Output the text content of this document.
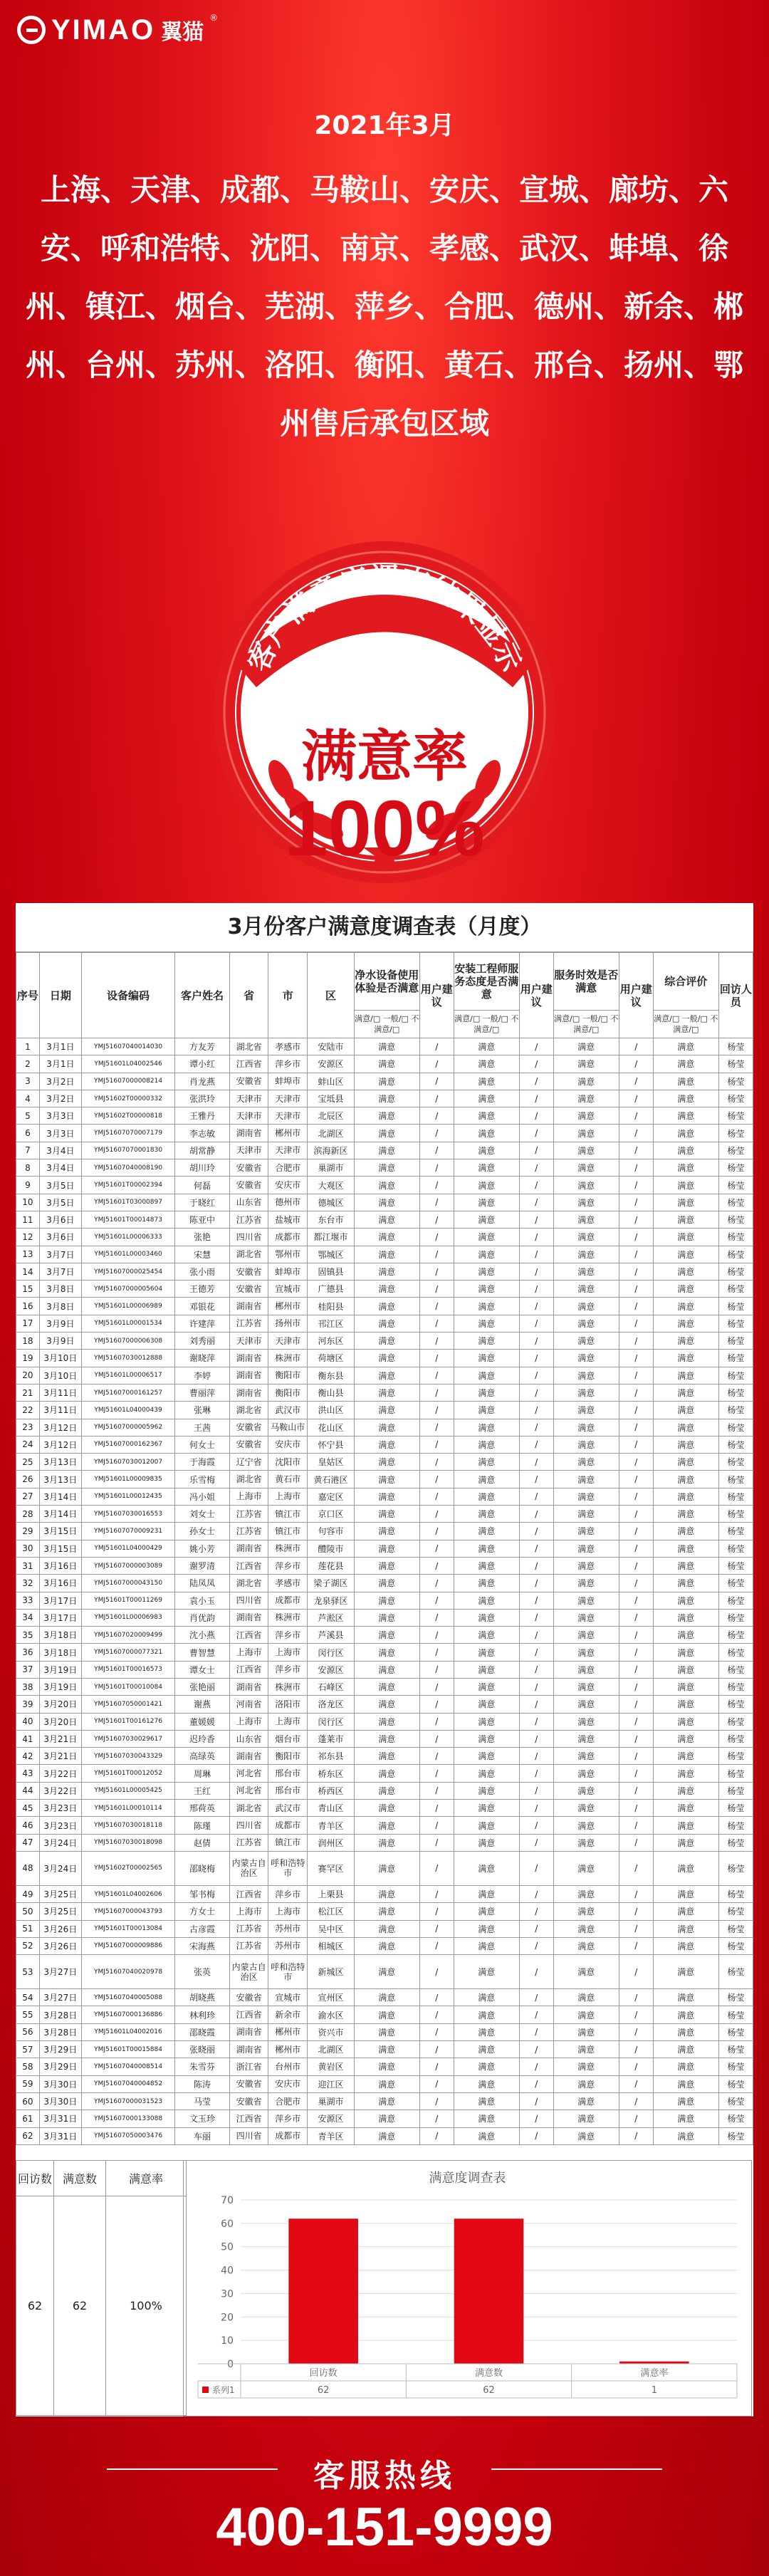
YIMAO 翼猫
®
2021年3月
上海、天津、成都、马鞍山、安庆、宣城、廊坊、六安、呼和浩特、沈阳、南京、孝感、武汉、蚌埠、徐州、镇江、烟台、芜湖、萍乡、合肥、德州、新余、郴州、台州、苏州、洛阳、衡阳、黄石、邢台、扬州、鄂州售后承包区域
客户满意度调查结果显示
满意率
100%
3月份客户满意度调查表（月度）
序号	日期	设备编码	客户姓名	省	市	区	净水设备使用体验是否满意	用户建议	安装工程师服务态度是否满意	用户建议	服务时效是否满意	用户建议	综合评价	回访人员
							满意/□ 一般/□ 不满意/□		满意/□ 一般/□ 不满意/□		满意/□ 一般/□ 不满意/□		满意/□ 一般/□ 不满意/□	
1	3月1日	YMJ51607040014030	方友芳	湖北省	孝感市	安陆市	满意	/	满意	/	满意	/	满意	杨莹
2	3月1日	YMJ51601L04002546	谭小红	江西省	萍乡市	安源区	满意	/	满意	/	满意	/	满意	杨莹
3	3月2日	YMJ51607000008214	肖龙燕	安徽省	蚌埠市	蚌山区	满意	/	满意	/	满意	/	满意	杨莹
4	3月2日	YMJ51602T00000332	张洪玲	天津市	天津市	宝坻县	满意	/	满意	/	满意	/	满意	杨莹
5	3月3日	YMJ51602T00000818	王雅丹	天津市	天津市	北辰区	满意	/	满意	/	满意	/	满意	杨莹
6	3月3日	YMJ51607070007179	李志敏	湖南省	郴州市	北湖区	满意	/	满意	/	满意	/	满意	杨莹
7	3月4日	YMJ51607070001830	胡常静	天津市	天津市	滨海新区	满意	/	满意	/	满意	/	满意	杨莹
8	3月4日	YMJ51607040008190	胡川玲	安徽省	合肥市	巢湖市	满意	/	满意	/	满意	/	满意	杨莹
9	3月5日	YMJ51601T00002394	何磊	安徽省	安庆市	大观区	满意	/	满意	/	满意	/	满意	杨莹
10	3月5日	YMJ51601T03000897	于晓红	山东省	德州市	德城区	满意	/	满意	/	满意	/	满意	杨莹
11	3月6日	YMJ51601T00014873	陈亚中	江苏省	盐城市	东台市	满意	/	满意	/	满意	/	满意	杨莹
12	3月6日	YMJ51601L00006333	张艳	四川省	成都市	都江堰市	满意	/	满意	/	满意	/	满意	杨莹
13	3月7日	YMJ51601L00003460	宋慧	湖北省	鄂州市	鄂城区	满意	/	满意	/	满意	/	满意	杨莹
14	3月7日	YMJ51607000025454	张小雨	安徽省	蚌埠市	固镇县	满意	/	满意	/	满意	/	满意	杨莹
15	3月8日	YMJ51607000005604	王德芳	安徽省	宣城市	广德县	满意	/	满意	/	满意	/	满意	杨莹
16	3月8日	YMJ51601L00006989	邓银花	湖南省	郴州市	桂阳县	满意	/	满意	/	满意	/	满意	杨莹
17	3月9日	YMJ51601L00001534	许建萍	江苏省	扬州市	邗江区	满意	/	满意	/	满意	/	满意	杨莹
18	3月9日	YMJ51607000006308	刘秀丽	天津市	天津市	河东区	满意	/	满意	/	满意	/	满意	杨莹
19	3月10日	YMJ51607030012888	谢晓萍	湖南省	株洲市	荷塘区	满意	/	满意	/	满意	/	满意	杨莹
20	3月10日	YMJ51601L00006517	李婷	湖南省	衡阳市	衡东县	满意	/	满意	/	满意	/	满意	杨莹
21	3月11日	YMJ51607000161257	曹丽萍	湖南省	衡阳市	衡山县	满意	/	满意	/	满意	/	满意	杨莹
22	3月11日	YMJ51601L04000439	张琳	湖北省	武汉市	洪山区	满意	/	满意	/	满意	/	满意	杨莹
23	3月12日	YMJ51607000005962	王茜	安徽省	马鞍山市	花山区	满意	/	满意	/	满意	/	满意	杨莹
24	3月12日	YMJ51607000162367	何女士	安徽省	安庆市	怀宁县	满意	/	满意	/	满意	/	满意	杨莹
25	3月13日	YMJ51607030012007	于海霞	辽宁省	沈阳市	皇姑区	满意	/	满意	/	满意	/	满意	杨莹
26	3月13日	YMJ51601L00009835	乐雪梅	湖北省	黄石市	黄石港区	满意	/	满意	/	满意	/	满意	杨莹
27	3月14日	YMJ51601L00012435	冯小姐	上海市	上海市	嘉定区	满意	/	满意	/	满意	/	满意	杨莹
28	3月14日	YMJ51607030016553	刘女士	江苏省	镇江市	京口区	满意	/	满意	/	满意	/	满意	杨莹
29	3月15日	YMJ51607070009231	孙女士	江苏省	镇江市	句容市	满意	/	满意	/	满意	/	满意	杨莹
30	3月15日	YMJ51601L04000429	姚小芳	湖南省	株洲市	醴陵市	满意	/	满意	/	满意	/	满意	杨莹
31	3月16日	YMJ51607000003089	谢罗清	江西省	萍乡市	莲花县	满意	/	满意	/	满意	/	满意	杨莹
32	3月16日	YMJ51607000043150	陆凤凤	湖北省	孝感市	梁子湖区	满意	/	满意	/	满意	/	满意	杨莹
33	3月17日	YMJ51601T00011269	袁小玉	四川省	成都市	龙泉驿区	满意	/	满意	/	满意	/	满意	杨莹
34	3月17日	YMJ51601L00006983	肖优韵	湖南省	株洲市	芦淞区	满意	/	满意	/	满意	/	满意	杨莹
35	3月18日	YMJ51607020009499	沈小燕	江西省	萍乡市	芦溪县	满意	/	满意	/	满意	/	满意	杨莹
36	3月18日	YMJ51607000077321	曹智慧	上海市	上海市	闵行区	满意	/	满意	/	满意	/	满意	杨莹
37	3月19日	YMJ51601T00016573	谭女士	江西省	萍乡市	安源区	满意	/	满意	/	满意	/	满意	杨莹
38	3月19日	YMJ51601T00010084	张艳丽	湖南省	株洲市	石峰区	满意	/	满意	/	满意	/	满意	杨莹
39	3月20日	YMJ51607050001421	谢燕	河南省	洛阳市	洛龙区	满意	/	满意	/	满意	/	满意	杨莹
40	3月20日	YMJ51601T00161276	董媛媛	上海市	上海市	闵行区	满意	/	满意	/	满意	/	满意	杨莹
41	3月21日	YMJ51607030029617	迟玲香	山东省	烟台市	蓬莱市	满意	/	满意	/	满意	/	满意	杨莹
42	3月21日	YMJ51607030043329	高绿英	湖南省	衡阳市	祁东县	满意	/	满意	/	满意	/	满意	杨莹
43	3月22日	YMJ51601T00012052	周琳	河北省	邢台市	桥东区	满意	/	满意	/	满意	/	满意	杨莹
44	3月22日	YMJ51601L00005425	王红	河北省	邢台市	桥西区	满意	/	满意	/	满意	/	满意	杨莹
45	3月23日	YMJ51601L00010114	邢荷英	湖北省	武汉市	青山区	满意	/	满意	/	满意	/	满意	杨莹
46	3月23日	YMJ51607030018118	陈瑾	四川省	成都市	青羊区	满意	/	满意	/	满意	/	满意	杨莹
47	3月24日	YMJ51607030018098	赵倩	江苏省	镇江市	润州区	满意	/	满意	/	满意	/	满意	杨莹
48	3月24日	YMJ51602T00002565	邵晓梅	内蒙古自治区	呼和浩特市	赛罕区	满意	/	满意	/	满意	/	满意	杨莹
49	3月25日	YMJ51601L04002606	邹书梅	江西省	萍乡市	上栗县	满意	/	满意	/	满意	/	满意	杨莹
50	3月25日	YMJ51607000043793	方女士	上海市	上海市	松江区	满意	/	满意	/	满意	/	满意	杨莹
51	3月26日	YMJ51601T00013084	古彦霞	江苏省	苏州市	吴中区	满意	/	满意	/	满意	/	满意	杨莹
52	3月26日	YMJ51607000009886	宋海燕	江苏省	苏州市	相城区	满意	/	满意	/	满意	/	满意	杨莹
53	3月27日	YMJ51607040020978	张英	内蒙古自治区	呼和浩特市	新城区	满意	/	满意	/	满意	/	满意	杨莹
54	3月27日	YMJ51607040005088	胡晓燕	安徽省	宣城市	宣州区	满意	/	满意	/	满意	/	满意	杨莹
55	3月28日	YMJ51607000136886	林利珍	江西省	新余市	渝水区	满意	/	满意	/	满意	/	满意	杨莹
56	3月28日	YMJ51601L04002016	邵晓霞	湖南省	郴州市	资兴市	满意	/	满意	/	满意	/	满意	杨莹
57	3月29日	YMJ51601T00015884	张晓丽	湖南省	郴州市	北湖区	满意	/	满意	/	满意	/	满意	杨莹
58	3月29日	YMJ51607040008514	朱雪芬	浙江省	台州市	黄岩区	满意	/	满意	/	满意	/	满意	杨莹
59	3月30日	YMJ51607040004852	陈涛	安徽省	安庆市	迎江区	满意	/	满意	/	满意	/	满意	杨莹
60	3月30日	YMJ51607000031523	马莹	安徽省	合肥市	巢湖市	满意	/	满意	/	满意	/	满意	杨莹
61	3月31日	YMJ51607000133088	文玉珍	江西省	萍乡市	安源区	满意	/	满意	/	满意	/	满意	杨莹
62	3月31日	YMJ51607050003476	车丽	四川省	成都市	青羊区	满意	/	满意	/	满意	/	满意	杨莹
回访数	满意数	满意率
62	62	100%
满意度调查表
0
10
20
30
40
50
60
70
回访数	满意数	满意率
系列1	62	62	1
客服热线
400-151-9999
